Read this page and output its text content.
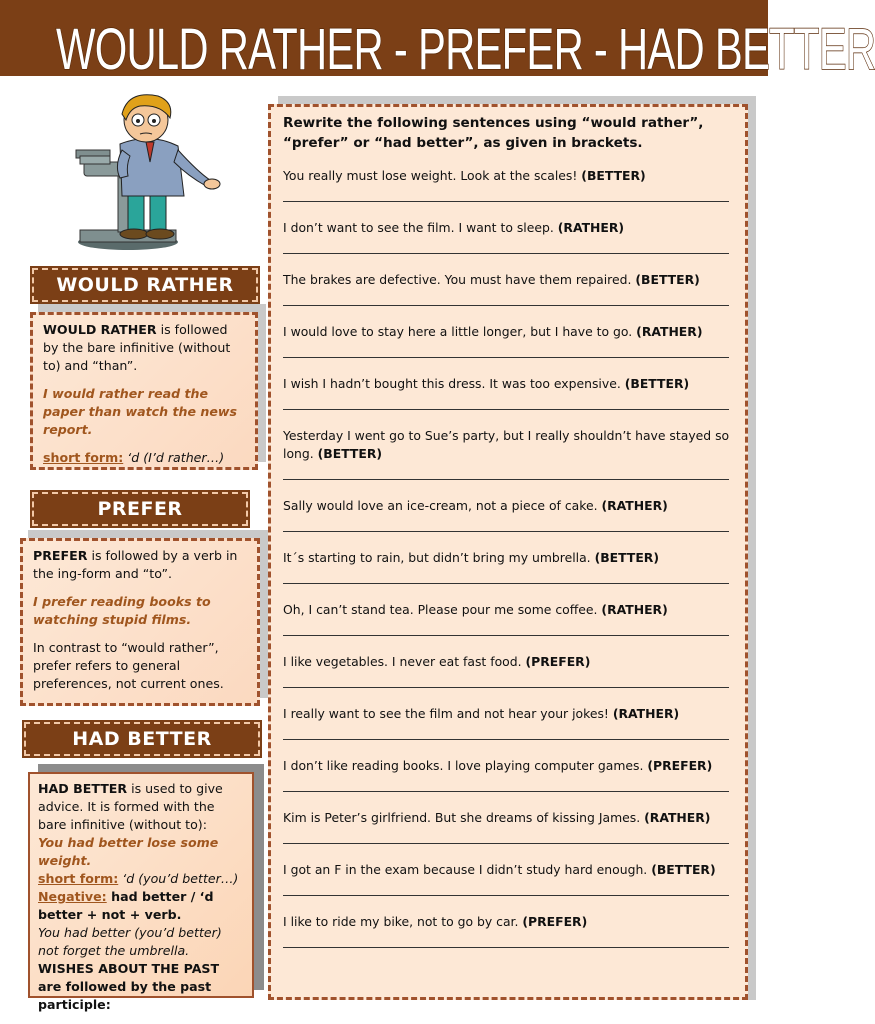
WOULD RATHER - PREFER - HAD BETTER
WOULD RATHER

WOULD RATHER is followed by the bare infinitive (without to) and “than”.

I would rather read the paper than watch the news report.

short form: ‘d (I’d rather…)

PREFER

PREFER is followed by a verb in the ing-form and “to”.

I prefer reading books to watching stupid films.

In contrast to “would rather”, prefer refers to general preferences, not current ones.

HAD BETTER

HAD BETTER is used to give advice. It is formed with the bare infinitive (without to):

You had better lose some weight.

short form: ‘d (you’d better…)

Negative: had better / ‘d better + not + verb.

You had better (you’d better) not forget the umbrella.

WISHES ABOUT THE PAST are followed by the past participle:

Rewrite the following sentences using “would rather”, “prefer” or “had better”, as given in brackets.

You really must lose weight. Look at the scales! (BETTER)

I don’t want to see the film. I want to sleep. (RATHER)

The brakes are defective. You must have them repaired. (BETTER)

I would love to stay here a little longer, but I have to go. (RATHER)

I wish I hadn’t bought this dress. It was too expensive. (BETTER)

Yesterday I went go to Sue’s party, but I really shouldn’t have stayed so long. (BETTER)

Sally would love an ice-cream, not a piece of cake. (RATHER)

It´s starting to rain, but didn’t bring my umbrella. (BETTER)

Oh, I can’t stand tea. Please pour me some coffee. (RATHER)

I like vegetables. I never eat fast food. (PREFER)

I really want to see the film and not hear your jokes! (RATHER)

I don’t like reading books. I love playing computer games. (PREFER)

Kim is Peter’s girlfriend. But she dreams of kissing James. (RATHER)

I got an F in the exam because I didn’t study hard enough. (BETTER)

I like to ride my bike, not to go by car. (PREFER)
